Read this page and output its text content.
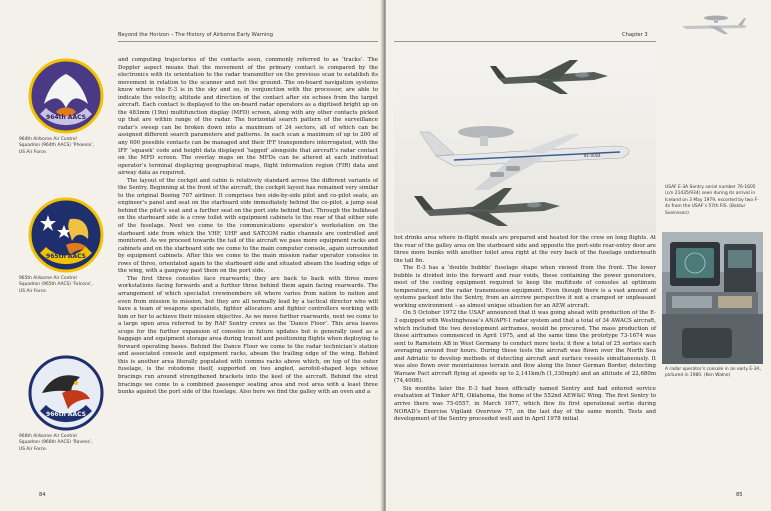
Beyond the Horizon – The History of Airborne Early Warning
964th AACS
964th Airborne Air Control Squadron (964th AACS) ‘Phoenix’, US Air Force.
965th AACS
965th Airborne Air Control Squadron (965th AACS) ‘Falcons’, US Air Force.
966th AACS
966th Airborne Air Control Squadron (966th AACS) ‘Ravens’, US Air Force.

and computing trajectories of the contacts seen, commonly referred to as ‘tracks’. The Doppler aspect means that the movement of the primary contact is compared by the electronics with its orientation to the radar transmitter on the previous scan to establish its movement in relation to the scanner and not the ground. The on-board navigation systems know where the E-3 is in the sky and so, in conjunction with the processor, are able to indicate the velocity, altitude and direction of the contact after six echoes from the target aircraft. Each contact is displayed to the on-board radar operators as a digitised bright up on the 483mm (19in) multifunction display (MFD) screen, along with any other contacts picked up that are within range of the radar. The horizontal search pattern of the surveillance radar’s sweep can be broken down into a maximum of 24 sectors, all of which can be assigned different search parameters and patterns. In each scan a maximum of up to 200 of any 600 possible contacts can be managed and their IFF transponders interrogated, with the IFF ‘squawk’ code and height data displayed ‘tagged’ alongside that aircraft’s radar contact on the MFD screen. The overlay maps on the MFDs can be altered at each individual operator’s terminal displaying geographical maps, flight information region (FIR) data and airway data as required.

The layout of the cockpit and cabin is relatively standard across the different variants of the Sentry. Beginning at the front of the aircraft, the cockpit layout has remained very similar to the original Boeing 707 airliner. It comprises two side-by-side pilot and co-pilot seats, an engineer’s panel and seat on the starboard side immediately behind the co-pilot, a jump seat behind the pilot’s seat and a further seat on the port side behind that. Through the bulkhead on the starboard side is a crew toilet with equipment cabinets to the rear of that either side of the fuselage. Next we come to the communications operator’s workstation on the starboard side from which the VHF, UHF and SATCOM radio channels are controlled and monitored. As we proceed towards the tail of the aircraft we pass more equipment racks and cabinets and on the starboard side we come to the main computer console, again surrounded by equipment cabinets. After this we come to the main mission radar operator consoles in rows of three, orientated again to the starboard side and situated abeam the leading edge of the wing, with a gangway past them on the port side.

The first three consoles face rearwards; they are back to back with three more workstations facing forwards and a further three behind them again facing rearwards. The arrangement of which specialist crewmembers sit where varies from nation to nation and even from mission to mission, but they are all normally lead by a tactical director who will have a team of weapons specialists, fighter allocators and fighter controllers working with him or her to achieve their mission objective. As we move further rearwards, next we come to a large open area referred to by RAF Sentry crews as the ‘Dance Floor’. This area leaves scope for the further expansion of consoles in future updates but is generally used as a baggage and equipment storage area during transit and positioning flights when deploying to forward operating bases. Behind the Dance Floor we come to the radar technician’s station and associated console and equipment racks, abeam the trailing edge of the wing. Behind this is another area literally populated with comms racks above which, on top of the outer fuselage, is the rotodome itself, supported on two angled, aerofoil-shaped legs whose bracings run around strengthened brackets into the keel of the aircraft. Behind the strut bracings we come to a combined passenger seating area and rest area with a least three bunks against the port side of the fuselage. Also here we find the galley with an oven and a

84
Chapter 3
81-0004
USAF E-3A Sentry serial number 76-1605 (c/n 21435/934) seen during its arrival in Iceland on 3 May 1979, escorted by two F-4s from the USAF’s 57th FIS. (Baldur Sveinsson)
A radar operator’s console in an early E-3A, pictured in 1980. (Ken Walne)

hot drinks area where in-flight meals are prepared and heated for the crew on long flights. At the rear of the galley area on the starboard side and opposite the port-side rear-entry door are three more bunks with another toilet area right at the very back of the fuselage underneath the tail fin.

The E-3 has a ‘double bubble’ fuselage shape when viewed from the front. The lower bubble is divided into the forward and rear voids, these containing the power generators, most of the cooling equipment required to keep the multitude of consoles at optimum temperature, and the radar transmission equipment. Even though there is a vast amount of systems packed into the Sentry, from an aircrew perspective it not a cramped or unpleasant working environment – as almost unique situation for an AEW aircraft.

On 5 October 1972 the USAF announced that it was going ahead with production of the E-3 equipped with Westinghouse’s AN/APY-1 radar system and that a total of 34 AWACS aircraft, which included the two development airframes, would be procured. The mass production of these airframes commenced in April 1975, and at the same time the prototype 73-1674 was sent to Ramstein AB in West Germany to conduct more tests; it flew a total of 25 sorties each averaging around four hours. During these tests the aircraft was flown over the North Sea and Adriatic to develop methods of detecting aircraft and surface vessels simultaneously. It was also flown over mountainous terrain and flow along the Inner German Border, detecting Warsaw Pact aircraft flying at speeds up to 2,141km/h (1,330mph) and an altitude of 22,680m (74,400ft).

Six months later the E-3 had been officially named Sentry and had entered service evaluation at Tinker AFB, Oklahoma, the home of the 552nd AEW&C Wing. The first Sentry to arrive there was 75-0557, in March 1977, which flew its first operational sortie during NORAD’s Exercise Vigilant Overview 77, on the last day of the same month. Tests and development of the Sentry proceeded well and in April 1978 initial

85
